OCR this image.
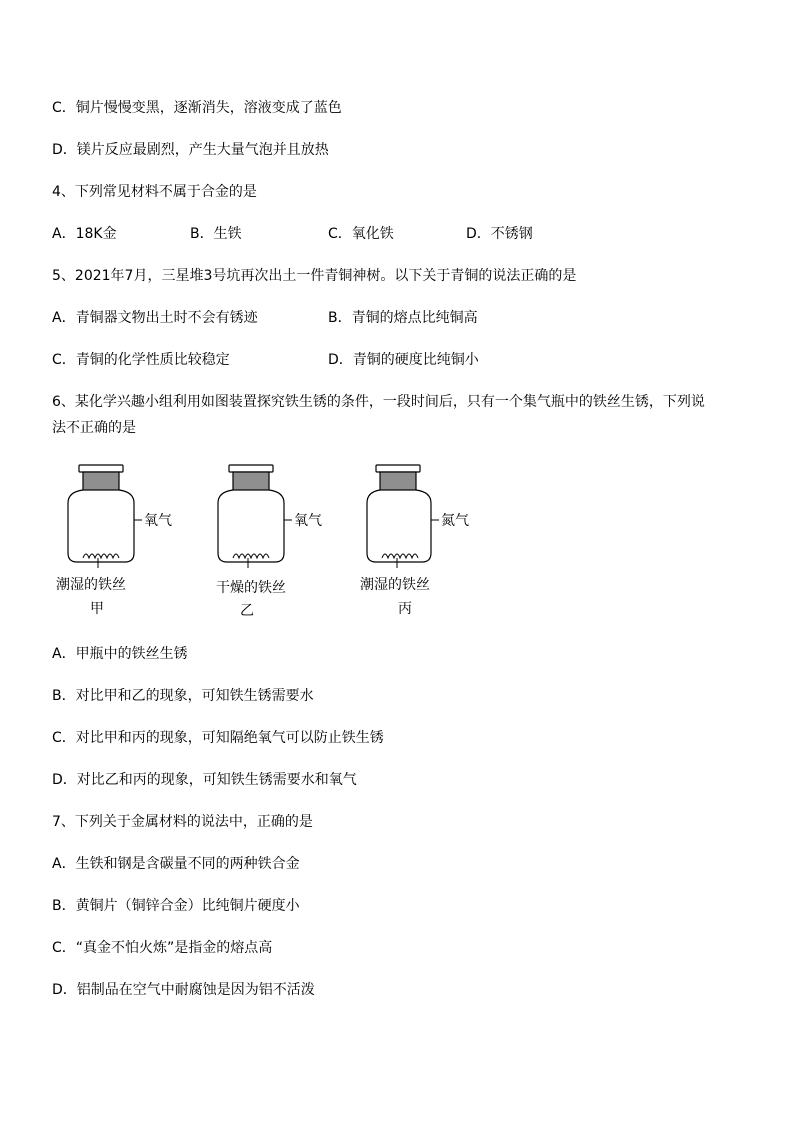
C．铜片慢慢变黑，逐渐消失，溶液变成了蓝色
D．镁片反应最剧烈，产生大量气泡并且放热
4、下列常见材料不属于合金的是
A．18K金	B．生铁	C．氧化铁	D．不锈钢
5、2021年7月，三星堆3号坑再次出土一件青铜神树。以下关于青铜的说法正确的是
A．青铜器文物出土时不会有锈迹	B．青铜的熔点比纯铜高
C．青铜的化学性质比较稳定	D．青铜的硬度比纯铜小
6、某化学兴趣小组利用如图装置探究铁生锈的条件，一段时间后，只有一个集气瓶中的铁丝生锈，下列说
法不正确的是
氧气	氧气	氮气
潮湿的铁丝	干燥的铁丝	潮湿的铁丝
甲	乙	丙
A．甲瓶中的铁丝生锈
B．对比甲和乙的现象，可知铁生锈需要水
C．对比甲和丙的现象，可知隔绝氧气可以防止铁生锈
D．对比乙和丙的现象，可知铁生锈需要水和氧气
7、下列关于金属材料的说法中，正确的是
A．生铁和钢是含碳量不同的两种铁合金
B．黄铜片（铜锌合金）比纯铜片硬度小
C．“真金不怕火炼”是指金的熔点高
D．铝制品在空气中耐腐蚀是因为铝不活泼
